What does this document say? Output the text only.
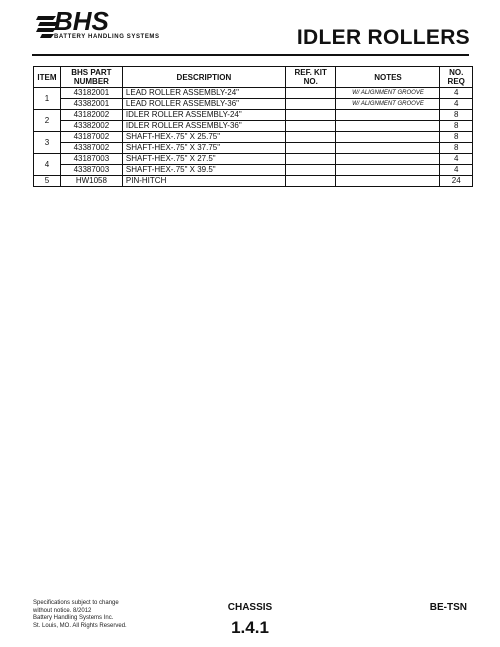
BHS
BATTERY HANDLING SYSTEMS	IDLER ROLLERS
ITEM	BHS PART NUMBER	DESCRIPTION	REF. KIT NO.	NOTES	NO. REQ
1	43182001	LEAD ROLLER ASSEMBLY-24"		W/ ALIGNMENT GROOVE	4
	43382001	LEAD ROLLER ASSEMBLY-36"		W/ ALIGNMENT GROOVE	4
2	43182002	IDLER ROLLER ASSEMBLY-24"			8
	43382002	IDLER ROLLER ASSEMBLY-36"			8
3	43187002	SHAFT-HEX-.75" X 25.75"			8
	43387002	SHAFT-HEX-.75" X 37.75"			8
4	43187003	SHAFT-HEX-.75" X 27.5"			4
	43387003	SHAFT-HEX-.75" X 39.5"			4
5	HW1058	PIN-HITCH			24
Specifications subject to change
without notice. 8/2012
Battery Handling Systems Inc.
St. Louis, MO. All Rights Reserved.
CHASSIS
1.4.1
BE-TSN
